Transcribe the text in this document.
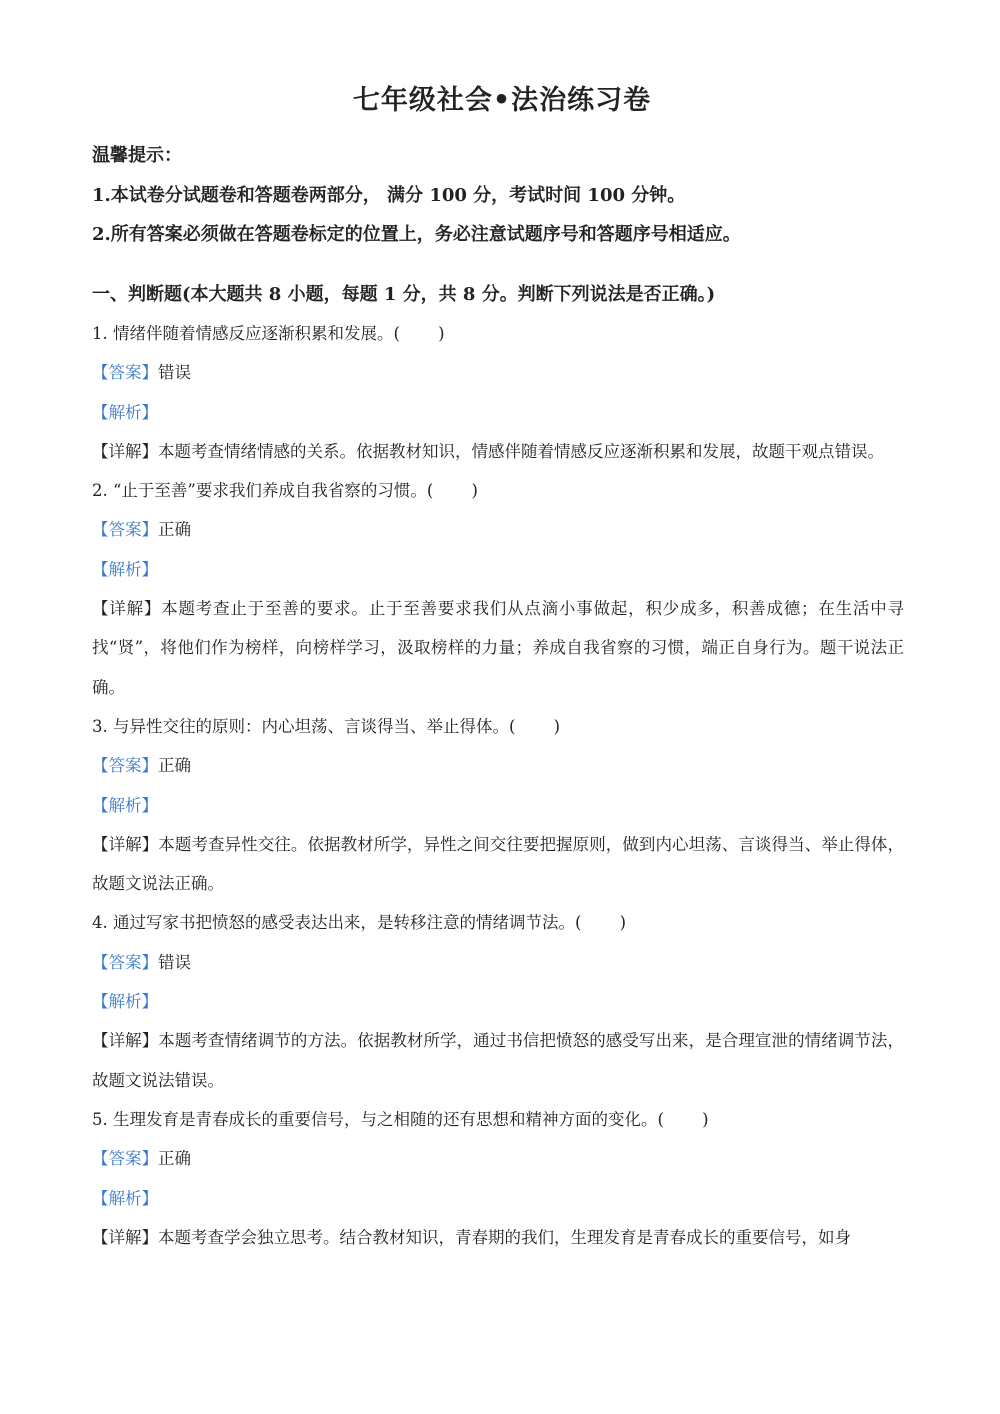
七年级社会•法治练习卷
温馨提示：
1.本试卷分试题卷和答题卷两部分， 满分 100 分，考试时间 100 分钟。
2.所有答案必须做在答题卷标定的位置上，务必注意试题序号和答题序号相适应。
一、判断题(本大题共 8 小题，每题 1 分，共 8 分。判断下列说法是否正确。)
1. 情绪伴随着情感反应逐渐积累和发展。(　　 )
【答案】错误
【解析】
【详解】本题考查情绪情感的关系。依据教材知识，情感伴随着情感反应逐渐积累和发展，故题干观点错误。
2. “止于至善”要求我们养成自我省察的习惯。(　　 )
【答案】正确
【解析】
【详解】本题考查止于至善的要求。止于至善要求我们从点滴小事做起，积少成多，积善成德；在生活中寻找“贤”，将他们作为榜样，向榜样学习，汲取榜样的力量；养成自我省察的习惯，端正自身行为。题干说法正确。
3. 与异性交往的原则：内心坦荡、言谈得当、举止得体。(　　 )
【答案】正确
【解析】
【详解】本题考查异性交往。依据教材所学，异性之间交往要把握原则，做到内心坦荡、言谈得当、举止得体，故题文说法正确。
4. 通过写家书把愤怒的感受表达出来，是转移注意的情绪调节法。(　　 )
【答案】错误
【解析】
【详解】本题考查情绪调节的方法。依据教材所学，通过书信把愤怒的感受写出来，是合理宣泄的情绪调节法，故题文说法错误。
5. 生理发育是青春成长的重要信号，与之相随的还有思想和精神方面的变化。(　　 )
【答案】正确
【解析】
【详解】本题考查学会独立思考。结合教材知识，青春期的我们，生理发育是青春成长的重要信号，如身
